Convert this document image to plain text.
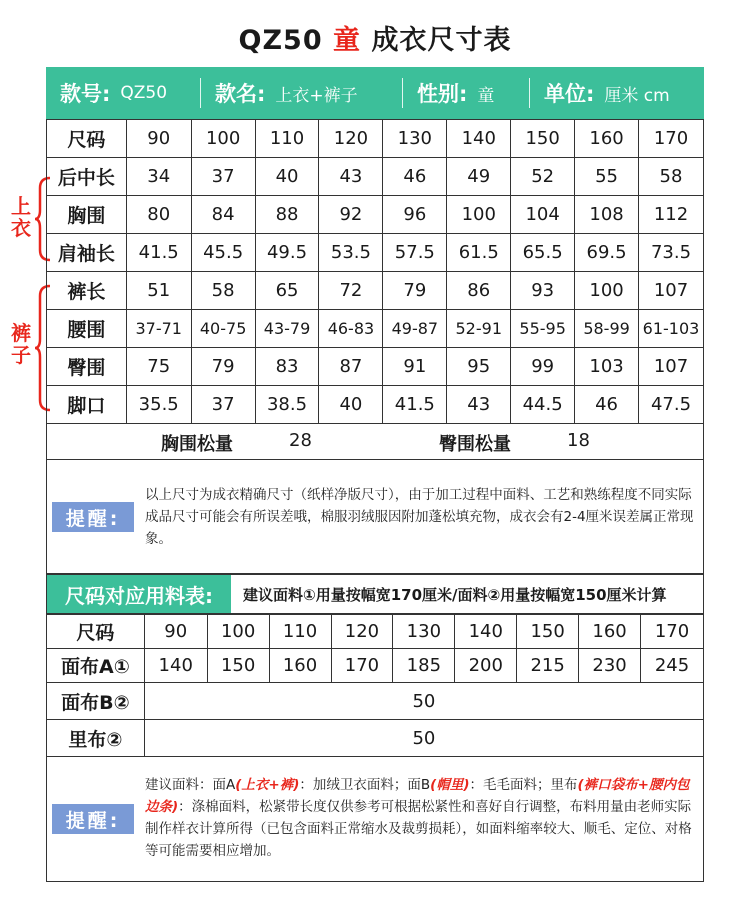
QZ50 童 成衣尺寸表
款号: QZ50 款名: 上衣+裤子	性别: 童 单位: 厘米 cm
上
衣
裤
子
尺码	90	100	110	120	130	140	150	160	170
后中长	34	37	40	43	46	49	52	55	58
胸围	80	84	88	92	96	100	104	108	112
肩袖长	41.5	45.5	49.5	53.5	57.5	61.5	65.5	69.5	73.5
裤长	51	58	65	72	79	86	93	100	107
腰围	37-71	40-75	43-79	46-83	49-87	52-91	55-95	58-99	61-103
臀围	75	79	83	87	91	95	99	103	107
脚口	35.5	37	38.5	40	41.5	43	44.5	46	47.5
胸围松量	28	臀围松量	18
提醒:
以上尺寸为成衣精确尺寸（纸样净版尺寸），由于加工过程中面料、工艺和熟练程度不同实际成品尺寸可能会有所误差哦，棉服羽绒服因附加蓬松填充物，成衣会有2-4厘米误差属正常现象。
尺码对应用料表:	建议面料①用量按幅宽170厘米/面料②用量按幅宽150厘米计算
尺码	90	100	110	120	130	140	150	160	170
面布A①	140	150	160	170	185	200	215	230	245
面布B②	50								
里布②	50								
提醒:
建议面料：面A(上衣+裤)：加绒卫衣面料；面B(帽里)：毛毛面料；里布(裤口袋布+腰内包边条)：涤棉面料，松紧带长度仅供参考可根据松紧性和喜好自行调整，布料用量由老师实际制作样衣计算所得（已包含面料正常缩水及裁剪损耗），如面料缩率较大、顺毛、定位、对格等可能需要相应增加。
